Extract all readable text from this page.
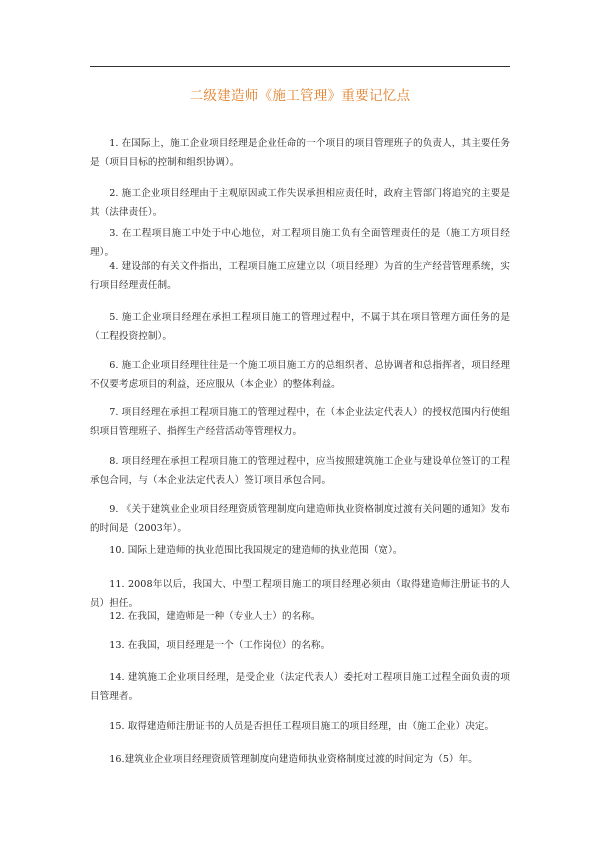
二级建造师《施工管理》重要记忆点

1. 在国际上，施工企业项目经理是企业任命的一个项目的项目管理班子的负责人，其主要任务是（项目目标的控制和组织协调）。

2. 施工企业项目经理由于主观原因或工作失误承担相应责任时，政府主管部门将追究的主要是其（法律责任）。

3. 在工程项目施工中处于中心地位，对工程项目施工负有全面管理责任的是（施工方项目经理）。

4. 建设部的有关文件指出，工程项目施工应建立以（项目经理）为首的生产经营管理系统，实行项目经理责任制。

5. 施工企业项目经理在承担工程项目施工的管理过程中，不属于其在项目管理方面任务的是（工程投资控制）。

6. 施工企业项目经理往往是一个施工项目施工方的总组织者、总协调者和总指挥者，项目经理不仅要考虑项目的利益，还应服从（本企业）的整体利益。

7. 项目经理在承担工程项目施工的管理过程中，在（本企业法定代表人）的授权范围内行使组织项目管理班子、指挥生产经营活动等管理权力。

8. 项目经理在承担工程项目施工的管理过程中，应当按照建筑施工企业与建设单位签订的工程承包合同，与（本企业法定代表人）签订项目承包合同。

9. 《关于建筑业企业项目经理资质管理制度向建造师执业资格制度过渡有关问题的通知》发布的时间是（2003年）。

10. 国际上建造师的执业范围比我国规定的建造师的执业范围（宽）。

11. 2008年以后，我国大、中型工程项目施工的项目经理必须由（取得建造师注册证书的人员）担任。

12. 在我国，建造师是一种（专业人士）的名称。

13. 在我国，项目经理是一个（工作岗位）的名称。

14. 建筑施工企业项目经理，是受企业（法定代表人）委托对工程项目施工过程全面负责的项目管理者。

15. 取得建造师注册证书的人员是否担任工程项目施工的项目经理，由（施工企业）决定。

16.建筑业企业项目经理资质管理制度向建造师执业资格制度过渡的时间定为（5）年。
